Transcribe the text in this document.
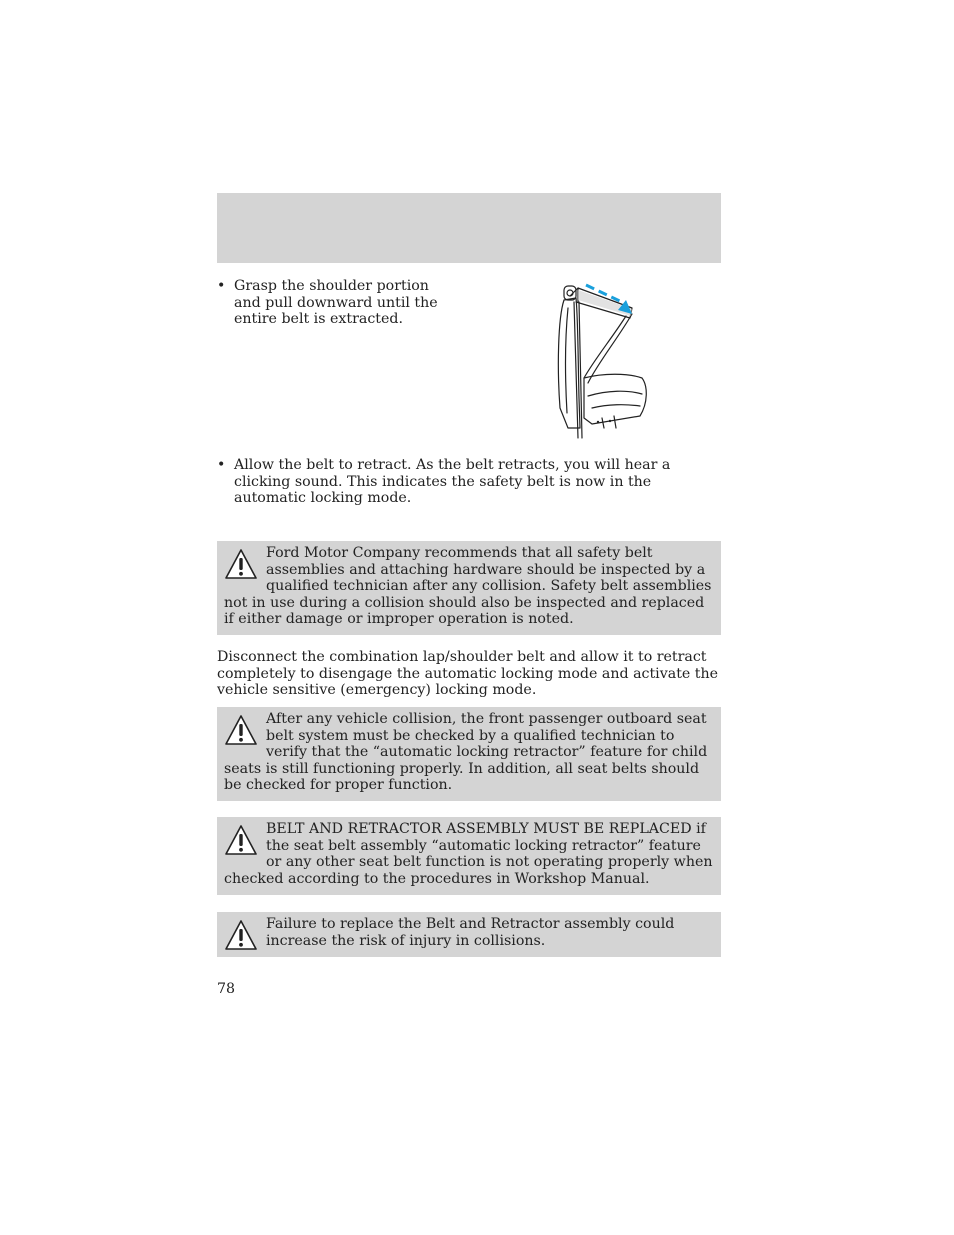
• Grasp the shoulder portion and pull downward until the entire belt is extracted.
• Allow the belt to retract. As the belt retracts, you will hear a clicking sound. This indicates the safety belt is now in the automatic locking mode.
Ford Motor Company recommends that all safety belt assemblies and attaching hardware should be inspected by a qualified technician after any collision. Safety belt assemblies not in use during a collision should also be inspected and replaced if either damage or improper operation is noted.
Disconnect the combination lap/shoulder belt and allow it to retract completely to disengage the automatic locking mode and activate the vehicle sensitive (emergency) locking mode.
After any vehicle collision, the front passenger outboard seat belt system must be checked by a qualified technician to verify that the “automatic locking retractor” feature for child seats is still functioning properly. In addition, all seat belts should be checked for proper function.
BELT AND RETRACTOR ASSEMBLY MUST BE REPLACED if the seat belt assembly “automatic locking retractor” feature or any other seat belt function is not operating properly when checked according to the procedures in Workshop Manual.
Failure to replace the Belt and Retractor assembly could increase the risk of injury in collisions.
78
